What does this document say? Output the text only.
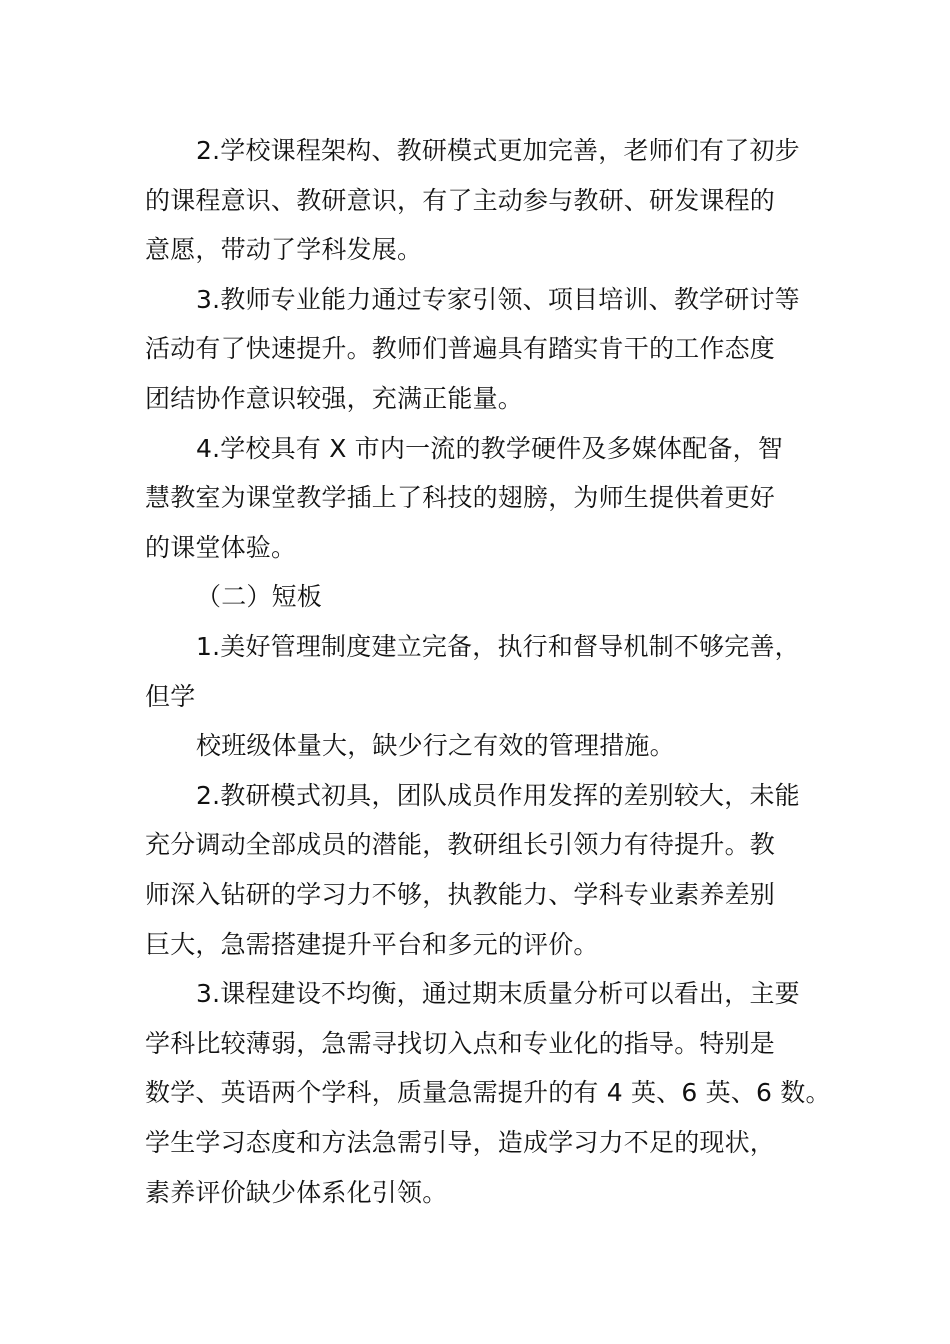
2.学校课程架构、教研模式更加完善，老师们有了初步
的课程意识、教研意识，有了主动参与教研、研发课程的
意愿，带动了学科发展。
3.教师专业能力通过专家引领、项目培训、教学研讨等
活动有了快速提升。教师们普遍具有踏实肯干的工作态度
团结协作意识较强，充满正能量。
4.学校具有 X 市内一流的教学硬件及多媒体配备，智
慧教室为课堂教学插上了科技的翅膀，为师生提供着更好
的课堂体验。
（二）短板
1.美好管理制度建立完备，执行和督导机制不够完善，
但学
校班级体量大，缺少行之有效的管理措施。
2.教研模式初具，团队成员作用发挥的差别较大，未能
充分调动全部成员的潜能，教研组长引领力有待提升。教
师深入钻研的学习力不够，执教能力、学科专业素养差别
巨大，急需搭建提升平台和多元的评价。
3.课程建设不均衡，通过期末质量分析可以看出，主要
学科比较薄弱，急需寻找切入点和专业化的指导。特别是
数学、英语两个学科，质量急需提升的有 4 英、6 英、6 数。
学生学习态度和方法急需引导，造成学习力不足的现状，
素养评价缺少体系化引领。
